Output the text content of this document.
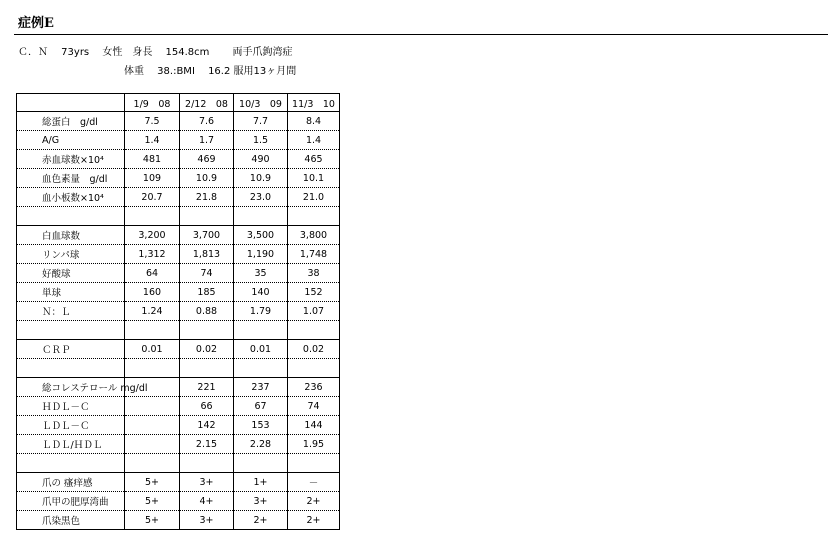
症例E
Ｃ．Ｎ　 73yrs　 女性　身長　 154.8cm　　 両手爪鉤湾症
体重　 38.:BMI　 16.2 服用13ヶ月間
	1/9　08	2/12　08	10/3　09	11/3　10
総蛋白　g/dl	7.5	7.6	7.7	8.4
A/G	1.4	1.7	1.5	1.4
赤血球数×10⁴	481	469	490	465
血色素量　g/dl	109	10.9	10.9	10.1
血小板数×10⁴	20.7	21.8	23.0	21.0

白血球数	3,200	3,700	3,500	3,800
リンパ球	1,312	1,813	1,190	1,748
好酸球	64	74	35	38
単球	160	185	140	152
Ｎ：Ｌ	1.24	0.88	1.79	1.07

ＣＲＰ	0.01	0.02	0.01	0.02

総コレステロール mg/dl		221	237	236
ＨＤＬ－Ｃ		66	67	74
ＬＤＬ－Ｃ		142	153	144
ＬＤＬ/ＨＤＬ		2.15	2.28	1.95

爪の 瘙痒感	5+	3+	1+	－
爪甲の肥厚湾曲	5+	4+	3+	2+
爪染黒色	5+	3+	2+	2+
